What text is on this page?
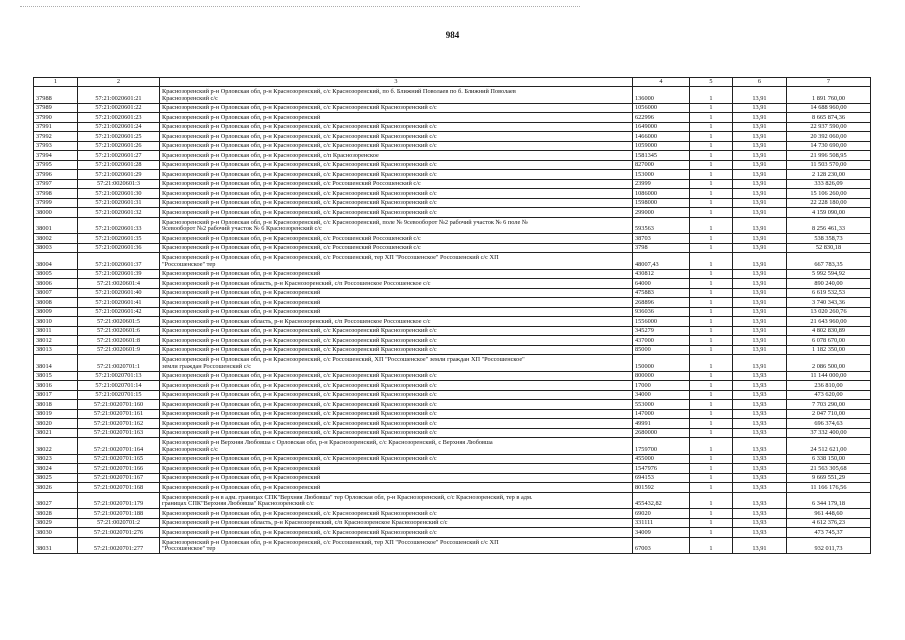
984
1	2	3	4	5	6	7
37988	57:21:0020601:21	Краснозоренский р-н Орловская обл, р-н Краснозоренский, с/с Краснозоренский, по б. Ближний Поволаев по б. Ближний Поволаев
Краснозоренский с/с	136000	1	13,91	1 891 760,00
37989	57:21:0020601:22	Краснозоренский р-н Орловская обл, р-н Краснозоренский, с/с Краснозоренский Краснозоренский с/с	1056000	1	13,91	14 688 960,00
37990	57:21:0020601:23	Краснозоренский р-н Орловская обл, р-н Краснозоренский	622996	1	13,91	8 665 874,36
37991	57:21:0020601:24	Краснозоренский р-н Орловская обл, р-н Краснозоренский, с/с Краснозоренский Краснозоренский с/с	1649000	1	13,91	22 937 590,00
37992	57:21:0020601:25	Краснозоренский р-н Орловская обл, р-н Краснозоренский, с/с Краснозоренский Краснозоренский с/с	1466000	1	13,91	20 392 060,00
37993	57:21:0020601:26	Краснозоренский р-н Орловская обл, р-н Краснозоренский, с/с Краснозоренский Краснозоренский с/с	1059000	1	13,91	14 730 690,00
37994	57:21:0020601:27	Краснозоренский р-н Орловская обл, р-н Краснозоренский, с/п Краснозоренское	1581345	1	13,91	21 996 508,95
37995	57:21:0020601:28	Краснозоренский р-н Орловская обл, р-н Краснозоренский, с/с Краснозоренский Краснозоренский с/с	827000	1	13,91	11 503 570,00
37996	57:21:0020601:29	Краснозоренский р-н Орловская обл, р-н Краснозоренский, с/с Краснозоренский Краснозоренский с/с	153000	1	13,91	2 128 230,00
37997	57:21:0020601:3	Краснозоренский р-н Орловская обл, р-н Краснозоренский, с/с Россошенский Россошенский с/с	23999	1	13,91	333 826,09
37998	57:21:0020601:30	Краснозоренский р-н Орловская обл, р-н Краснозоренский, с/с Краснозоренский Краснозоренский с/с	1086000	1	13,91	15 106 260,00
37999	57:21:0020601:31	Краснозоренский р-н Орловская обл, р-н Краснозоренский, с/с Краснозоренский Краснозоренский с/с	1598000	1	13,91	22 228 180,00
38000	57:21:0020601:32	Краснозоренский р-н Орловская обл, р-н Краснозоренский, с/с Краснозоренский Краснозоренский с/с	299000	1	13,91	4 159 090,00
38001	57:21:0020601:33	Краснозоренский р-н Орловская обл, р-н Краснозоренский, с/с Краснозоренский, поле № 9севооборот №2 рабочий участок № 6 поле №
9севооборот №2 рабочий участок № 6 Краснозоренский с/с	593563	1	13,91	8 256 461,33
38002	57:21:0020601:35	Краснозоренский р-н Орловская обл, р-н Краснозоренский, с/с Россошенский Россошенский с/с	38703	1	13,91	538 358,73
38003	57:21:0020601:36	Краснозоренский р-н Орловская обл, р-н Краснозоренский, с/с Россошенский Россошенский с/с	3798	1	13,91	52 830,18
38004	57:21:0020601:37	Краснозоренский р-н Орловская обл, р-н Краснозоренский, с/с Россошенский, тер ХП "Россошенское" Россошенский с/с ХП
"Россошенское" тер	48007,43	1	13,91	667 783,35
38005	57:21:0020601:39	Краснозоренский р-н Орловская обл, р-н Краснозоренский	430812	1	13,91	5 992 594,92
38006	57:21:0020601:4	Краснозоренский р-н Орловская область, р-н Краснозоренский, с/п Россошенское Россошенское с/с	64000	1	13,91	890 240,00
38007	57:21:0020601:40	Краснозоренский р-н Орловская обл, р-н Краснозоренский	475883	1	13,91	6 619 532,53
38008	57:21:0020601:41	Краснозоренский р-н Орловская обл, р-н Краснозоренский	268896	1	13,91	3 740 343,36
38009	57:21:0020601:42	Краснозоренский р-н Орловская обл, р-н Краснозоренский	936036	1	13,91	13 020 260,76
38010	57:21:0020601:5	Краснозоренский р-н Орловская область, р-н Краснозоренский, с/п Россошенское Россошенское с/с	1556000	1	13,91	21 643 960,00
38011	57:21:0020601:6	Краснозоренский р-н Орловская обл, р-н Краснозоренский, с/с Краснозоренский Краснозоренский с/с	345279	1	13,91	4 802 830,89
38012	57:21:0020601:8	Краснозоренский р-н Орловская обл, р-н Краснозоренский, с/с Краснозоренский Краснозоренский с/с	437000	1	13,91	6 078 670,00
38013	57:21:0020601:9	Краснозоренский р-н Орловская обл, р-н Краснозоренский, с/с Краснозоренский Краснозоренский с/с	85000	1	13,91	1 182 350,00
38014	57:21:0020701:1	Краснозоренский р-н Орловская обл, р-н Краснозоренский, с/с Россошенский, ХП "Россошенское" земли граждан ХП "Россошенское"
земли граждан Россошенский с/с	150000	1	13,91	2 086 500,00
38015	57:21:0020701:13	Краснозоренский р-н Орловская обл, р-н Краснозоренский, с/с Краснозоренский Краснозоренский с/с	800000	1	13,93	11 144 000,00
38016	57:21:0020701:14	Краснозоренский р-н Орловская обл, р-н Краснозоренский, с/с Краснозоренский Краснозоренский с/с	17000	1	13,93	236 810,00
38017	57:21:0020701:15	Краснозоренский р-н Орловская обл, р-н Краснозоренский, с/с Краснозоренский Краснозоренский с/с	34000	1	13,93	473 620,00
38018	57:21:0020701:160	Краснозоренский р-н Орловская обл, р-н Краснозоренский, с/с Краснозоренский Краснозоренский с/с	553000	1	13,93	7 703 290,00
38019	57:21:0020701:161	Краснозоренский р-н Орловская обл, р-н Краснозоренский, с/с Краснозоренский Краснозоренский с/с	147000	1	13,93	2 047 710,00
38020	57:21:0020701:162	Краснозоренский р-н Орловская обл, р-н Краснозоренский, с/с Краснозоренский Краснозоренский с/с	49991	1	13,93	696 374,63
38021	57:21:0020701:163	Краснозоренский р-н Орловская обл, р-н Краснозоренский, с/с Краснозоренский Краснозоренский с/с	2680000	1	13,93	37 332 400,00
38022	57:21:0020701:164	Краснозоренский р-н Верхняя Любовша с Орловская обл, р-н Краснозоренский, с/с Краснозоренский, с Верхняя Любовша
Краснозоренский с/с	1759700	1	13,93	24 512 621,00
38023	57:21:0020701:165	Краснозоренский р-н Орловская обл, р-н Краснозоренский, с/с Краснозоренский Краснозоренский с/с	455000	1	13,93	6 338 150,00
38024	57:21:0020701:166	Краснозоренский р-н Орловская обл, р-н Краснозоренский	1547976	1	13,93	21 563 305,68
38025	57:21:0020701:167	Краснозоренский р-н Орловская обл, р-н Краснозоренский	694153	1	13,93	9 669 551,29
38026	57:21:0020701:168	Краснозоренский р-н Орловская обл, р-н Краснозоренский	801592	1	13,93	11 166 176,56
38027	57:21:0020701:179	Краснозоренский р-н в адм. границах СПК"Верхняя Любовша" тер Орловская обл, р-н Краснозоренский, с/с Краснозоренский, тер в адм.
границах СПК"Верхняя Любовша" Краснозоренский с/с	455432,82	1	13,93	6 344 179,18
38028	57:21:0020701:188	Краснозоренский р-н Орловская обл, р-н Краснозоренский, с/с Краснозоренский Краснозоренский с/с	69020	1	13,93	961 448,60
38029	57:21:0020701:2	Краснозоренский р-н Орловская область, р-н Краснозоренский, с/п Краснозоренское Краснозоренский с/с	331111	1	13,93	4 612 376,23
38030	57:21:0020701:276	Краснозоренский р-н Орловская обл, р-н Краснозоренский, с/с Краснозоренский Краснозоренский с/с	34009	1	13,93	473 745,37
38031	57:21:0020701:277	Краснозоренский р-н Орловская обл, р-н Краснозоренский, с/с Россошенский, тер ХП "Россошенское" Россошенский с/с ХП
"Россошенское" тер	67003	1	13,91	932 011,73
